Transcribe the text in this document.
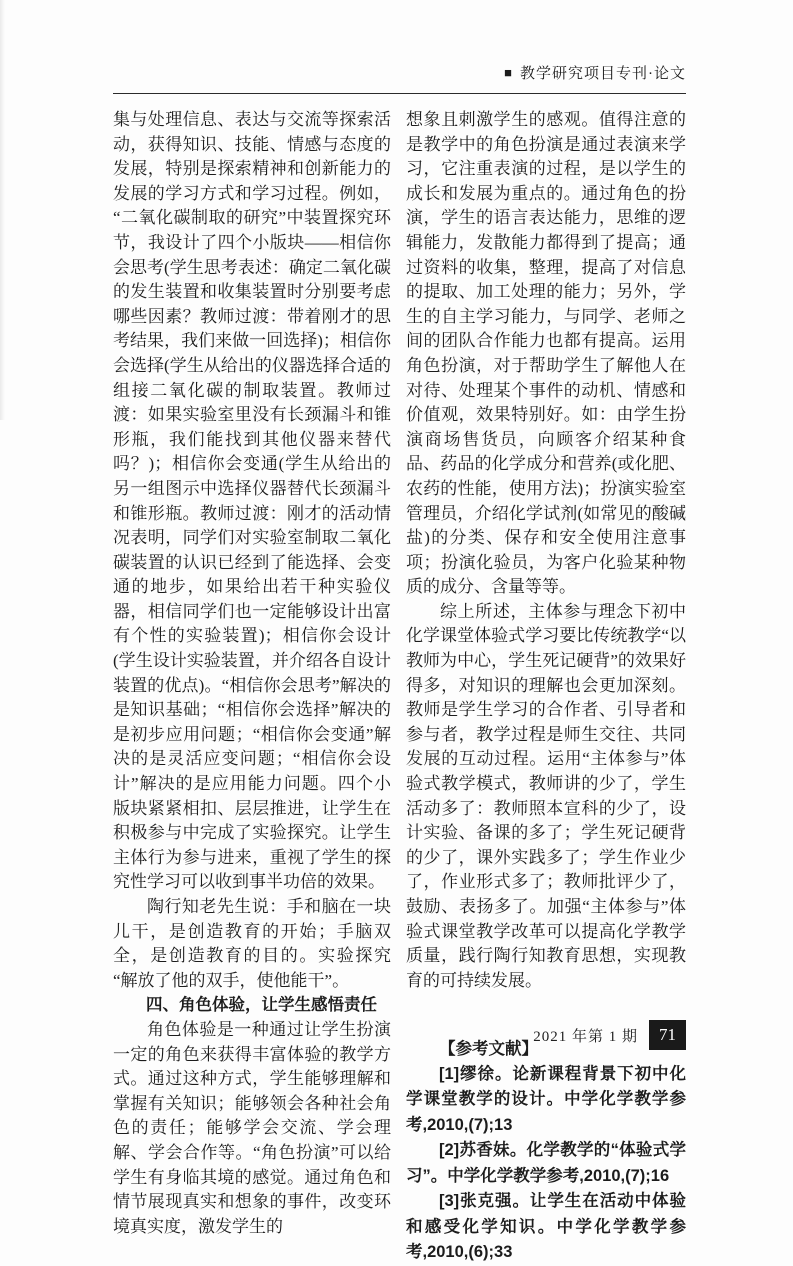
■ 教学研究项目专刊·论文

集与处理信息、表达与交流等探索活动，获得知识、技能、情感与态度的发展，特别是探索精神和创新能力的发展的学习方式和学习过程。例如，“二氧化碳制取的研究”中装置探究环节，我设计了四个小版块——相信你会思考(学生思考表述：确定二氧化碳的发生装置和收集装置时分别要考虑哪些因素？教师过渡：带着刚才的思考结果，我们来做一回选择)；相信你会选择(学生从给出的仪器选择合适的组接二氧化碳的制取装置。教师过渡：如果实验室里没有长颈漏斗和锥形瓶，我们能找到其他仪器来替代吗？)；相信你会变通(学生从给出的另一组图示中选择仪器替代长颈漏斗和锥形瓶。教师过渡：刚才的活动情况表明，同学们对实验室制取二氧化碳装置的认识已经到了能选择、会变通的地步，如果给出若干种实验仪器，相信同学们也一定能够设计出富有个性的实验装置)；相信你会设计(学生设计实验装置，并介绍各自设计装置的优点)。“相信你会思考”解决的是知识基础；“相信你会选择”解决的是初步应用问题；“相信你会变通”解决的是灵活应变问题；“相信你会设计”解决的是应用能力问题。四个小版块紧紧相扣、层层推进，让学生在积极参与中完成了实验探究。让学生主体行为参与进来，重视了学生的探究性学习可以收到事半功倍的效果。

陶行知老先生说：手和脑在一块儿干，是创造教育的开始；手脑双全，是创造教育的目的。实验探究“解放了他的双手，使他能干”。

四、角色体验，让学生感悟责任

角色体验是一种通过让学生扮演一定的角色来获得丰富体验的教学方式。通过这种方式，学生能够理解和掌握有关知识；能够领会各种社会角色的责任；能够学会交流、学会理解、学会合作等。“角色扮演”可以给学生有身临其境的感觉。通过角色和情节展现真实和想象的事件，改变环境真实度，激发学生的

想象且刺激学生的感观。值得注意的是教学中的角色扮演是通过表演来学习，它注重表演的过程，是以学生的成长和发展为重点的。通过角色的扮演，学生的语言表达能力，思维的逻辑能力，发散能力都得到了提高；通过资料的收集，整理，提高了对信息的提取、加工处理的能力；另外，学生的自主学习能力，与同学、老师之间的团队合作能力也都有提高。运用角色扮演，对于帮助学生了解他人在对待、处理某个事件的动机、情感和价值观，效果特别好。如：由学生扮演商场售货员，向顾客介绍某种食品、药品的化学成分和营养(或化肥、农药的性能，使用方法)；扮演实验室管理员，介绍化学试剂(如常见的酸碱盐)的分类、保存和安全使用注意事项；扮演化验员，为客户化验某种物质的成分、含量等等。

综上所述，主体参与理念下初中化学课堂体验式学习要比传统教学“以教师为中心，学生死记硬背”的效果好得多，对知识的理解也会更加深刻。教师是学生学习的合作者、引导者和参与者，教学过程是师生交往、共同发展的互动过程。运用“主体参与”体验式教学模式，教师讲的少了，学生活动多了：教师照本宣科的少了，设计实验、备课的多了；学生死记硬背的少了，课外实践多了；学生作业少了，作业形式多了；教师批评少了，鼓励、表扬多了。加强“主体参与”体验式课堂教学改革可以提高化学教学质量，践行陶行知教育思想，实现教育的可持续发展。

【参考文献】

[1]缪徐。论新课程背景下初中化学课堂教学的设计。中学化学教学参考,2010,(7);13

[2]苏香妹。化学教学的“体验式学习”。中学化学教学参考,2010,(7);16

[3]张克强。让学生在活动中体验和感受化学知识。中学化学教学参考,2010,(6);33

2021 年第 1 期	71
